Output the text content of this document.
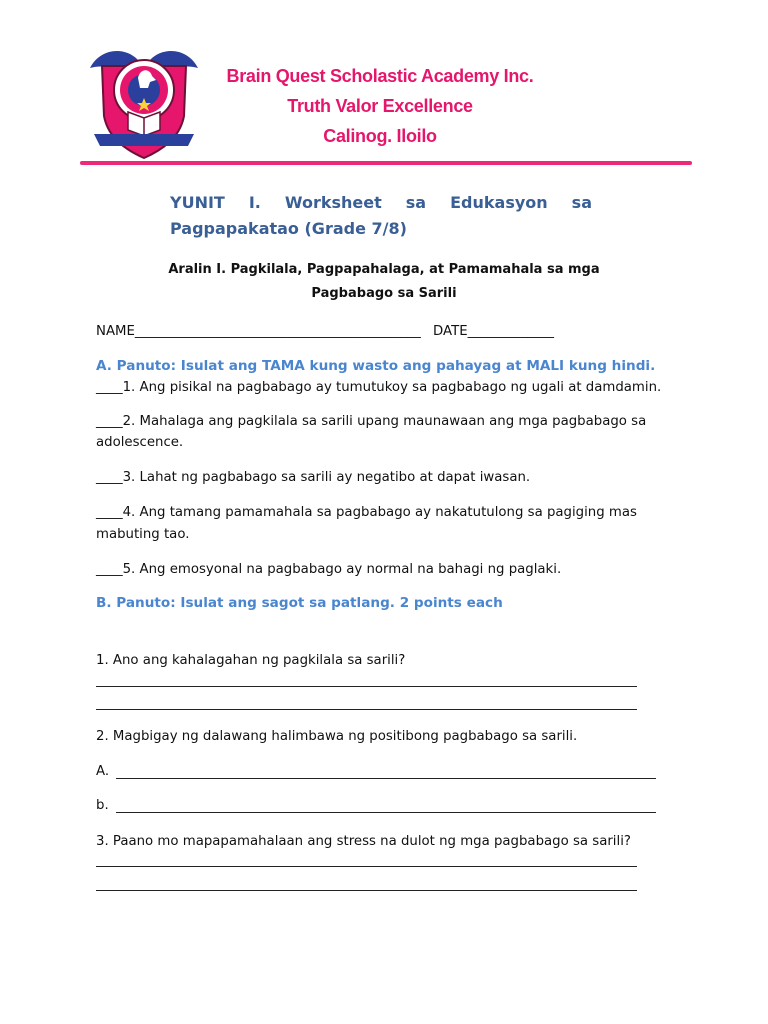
Brain Quest Scholastic Academy Inc.
Truth Valor Excellence
Calinog. Iloilo

YUNIT I. Worksheet sa Edukasyon sa

Pagpapakatao (Grade 7/8)

Aralin I. Pagkilala, Pagpapahalaga, at Pamamahala sa mga
Pagbabago sa Sarili
NAME___________________________________________ DATE_____________
A. Panuto: Isulat ang TAMA kung wasto ang pahayag at MALI kung hindi.
____1. Ang pisikal na pagbabago ay tumutukoy sa pagbabago ng ugali at damdamin.
____2. Mahalaga ang pagkilala sa sarili upang maunawaan ang mga pagbabago sa
adolescence.
____3. Lahat ng pagbabago sa sarili ay negatibo at dapat iwasan.
____4. Ang tamang pamamahala sa pagbabago ay nakatutulong sa pagiging mas
mabuting tao.
____5. Ang emosyonal na pagbabago ay normal na bahagi ng paglaki.
B. Panuto: Isulat ang sagot sa patlang. 2 points each
1. Ano ang kahalagahan ng pagkilala sa sarili?
2. Magbigay ng dalawang halimbawa ng positibong pagbabago sa sarili.
A.
b.
3. Paano mo mapapamahalaan ang stress na dulot ng mga pagbabago sa sarili?
